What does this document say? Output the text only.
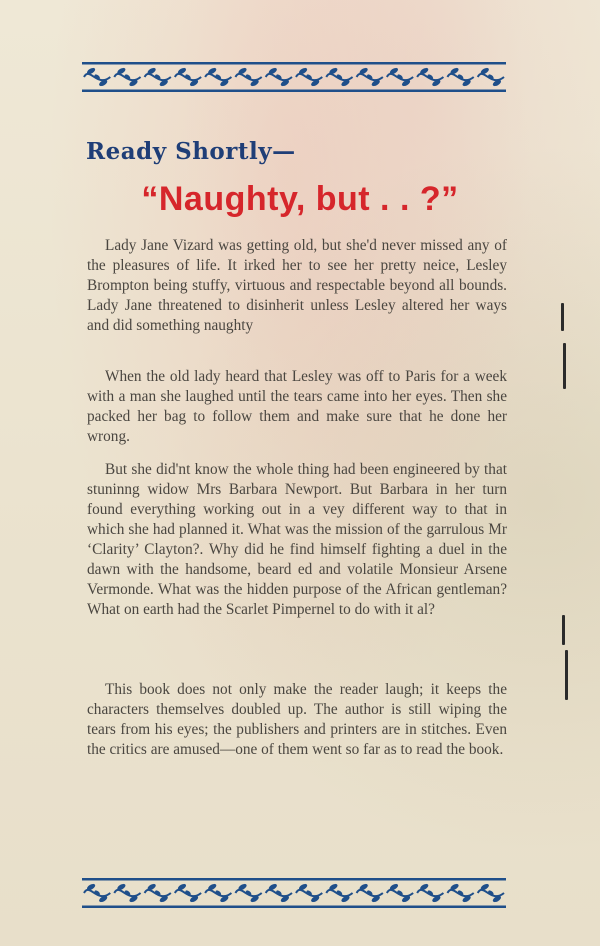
Ready Shortly—
“Naughty, but . . ?”

Lady Jane Vizard was getting old, but she'd never missed any of the pleasures of life. It irked her to see her pretty neice, Lesley Brompton being stuffy, virtuous and respectable beyond all bounds. Lady Jane threatened to disinherit unless Lesley altered her ways and did something naughty

When the old lady heard that Lesley was off to Paris for a week with a man she laughed until the tears came into her eyes. Then she packed her bag to follow them and make sure that he done her wrong.

But she did'nt know the whole thing had been engineered by that stuninng widow Mrs Barbara Newport. But Barbara in her turn found everything working out in a vey different way to that in which she had planned it. What was the mission of the garrulous Mr ‘Clarity’ Clayton?. Why did he find himself fighting a duel in the dawn with the handsome, beard ed and volatile Monsieur Arsene Vermonde. What was the hidden purpose of the African gentleman? What on earth had the Scarlet Pimpernel to do with it al?

This book does not only make the reader laugh; it keeps the characters themselves doubled up. The author is still wiping the tears from his eyes; the publishers and printers are in stitches. Even the critics are amused—one of them went so far as to read the book.
